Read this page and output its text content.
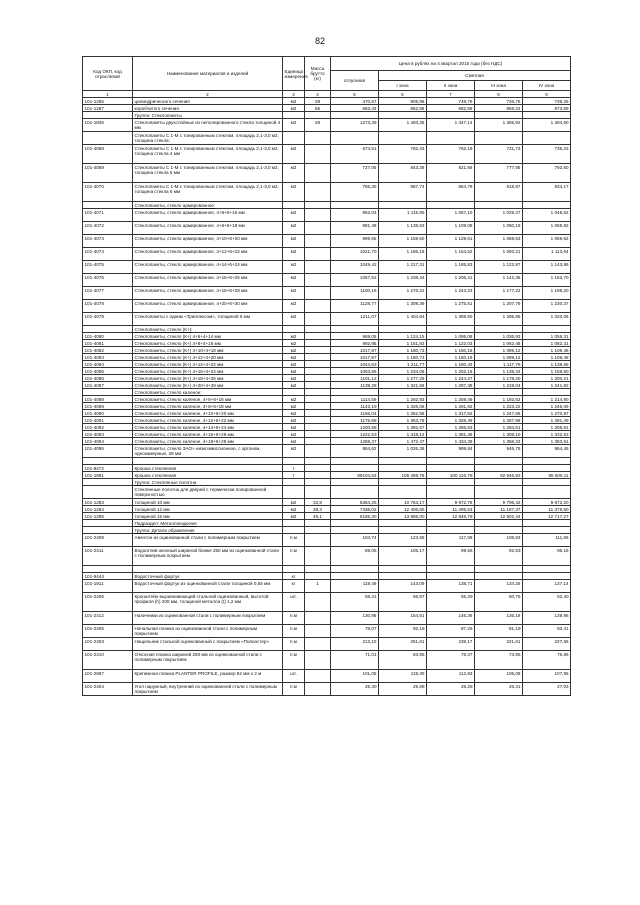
82
Код ОКП, код отраслевой	Наименование материалов и изделий	Единица измерения	Масса брутто (кг)	Цена в рублях на 4 квартал 2015 года (без НДС)				
				отпускная	Сметная			
					I зона	II зона	III зона	IV зона
1	2	3	4	5	6	7	8	9
101-1286	цилиндрического сечения	м2	28	470,57	805,96	748,79	726,75	739,25
101-1287	коробчатого сечения	м2	55	583,43	852,86	682,89	859,22	873,69
	Группа: Стеклопакеты							
101-1836	Стеклопакеты двухслойные из неполированного стекла толщиной 4 мм	м2	28	1273,39	1 493,36	1 447,14	1 365,92	1 394,60
	Стеклопакеты С 1-М с тонированным стеклом, площадь 2,1-3,0 м2, толщина стекла:							
101-4068	Стеклопакеты С 1-М с тонированным стеклом, площадь 2,1-3,0 м2, толщина стекла 4 мм	м2		674,51	782,43	762,19	721,73	735,23
101-4069	Стеклопакеты С 1-М с тонированным стеклом, площадь 2,1-3,0 м2, толщина стекла 5 мм	м2		727,05	843,38	821,56	777,95	792,50
101-4070	Стеклопакеты С 1-М с тонированным стеклом, площадь 2,1-3,0 м2, толщина стекла 6 мм	м2		765,30	887,74	864,79	818,87	834,17
	Стеклопакеты, стекло армированное:							
101-4071	Стеклопакеты, стекло армированное, 4+6+6+16 мм	м2		962,03	1 115,95	1 087,10	1 029,37	1 048,62
101-4072	Стеклопакеты, стекло армированное, 4+6+6+18 мм	м2		981,49	1 138,53	1 109,08	1 050,19	1 069,82
101-4073	Стеклопакеты, стекло армированное, 4+10+6+20 мм	м2		999,65	1 159,60	1 129,61	1 069,63	1 089,62
101-4074	Стеклопакеты, стекло армированное, 4+12+6+22 мм	м2		1021,70	1 185,18	1 154,52	1 093,21	1 113,64
101-4075	Стеклопакеты, стекло армированное, 4+14+6+24 мм	м2		1049,42	1 217,31	1 185,83	1 122,87	1 143,86
101-4076	Стеклопакеты, стекло армированное, 4+16+6+26 мм	м2		1067,52	1 238,44	1 206,41	1 142,35	1 163,70
101-4077	Стеклопакеты, стекло армированное, 4+18+6+28 мм	м2		1100,16	1 276,22	1 243,23	1 177,22	1 199,20
101-4078	Стеклопакеты, стекло армированное, 4+20+6+30 мм	м2		1128,77	1 309,39	1 275,51	1 207,79	1 230,37
101-4079	Стеклопакеты с одним «Триплексом», толщиной 6 мм	м2		1211,07	1 404,84	1 368,50	1 295,85	1 320,06
	Стеклопакеты, стекло (К+):							
101-4080	Стеклопакеты, стекло (К+) 4+6+4+14 мм	м2		969,05	1 124,15	1 095,08	1 036,93	1 056,31
101-4081	Стеклопакеты, стекло (К+) 4+8+4+16 мм	м2		992,95	1 151,83	1 122,03	1 062,45	1 082,31
101-4082	Стеклопакеты, стекло (К+) 4+10+4+18 мм	м2		1017,87	1 180,73	1 150,19	1 089,12	1 109,48
101-4083	Стеклопакеты, стекло (К+) 4+12+4+20 мм	м2		1017,87	1 180,73	1 150,19	1 089,12	1 109,48
101-4084	Стеклопакеты, стекло (К+) 4+14+4+22 мм	м2		1044,63	1 211,77	1 180,43	1 117,76	1 138,65
101-4085	Стеклопакеты, стекло (К+) 4+16+4+24 мм	м2		1063,85	1 234,06	1 202,16	1 138,34	1 159,60
101-4086	Стеклопакеты, стекло (К+) 4+18+4+26 мм	м2		1101,12	1 277,29	1 244,27	1 178,20	1 200,21
101-4087	Стеклопакеты, стекло (К+) 4+20+4+28 мм	м2		1139,28	1 321,56	1 287,38	1 219,04	1 241,82
	Стеклопакеты, стекло каленое:							
101-4088	Стеклопакеты, стекло каленое, 4+6+6+16 мм	м2		1114,59	1 292,93	1 259,49	1 192,62	1 214,90
101-4089	Стеклопакеты, стекло каленое, 4+8+6+18 мм	м2		1143,19	1 326,06	1 291,82	1 223,22	1 246,09
101-4090	Стеклопакеты, стекло каленое, 4+10+6+20 мм	м2		1166,04	1 352,58	1 317,62	1 247,66	1 270,97
101-4091	Стеклопакеты, стекло каленое, 4+12+6+22 мм	м2		1175,68	1 363,78	1 328,49	1 257,98	1 281,49
101-4092	Стеклопакеты, стекло каленое, 4+14+6+24 мм	м2		1200,58	1 392,67	1 356,63	1 284,61	1 308,61
101-4093	Стеклопакеты, стекло каленое, 4+16+6+26 мм	м2		1222,53	1 418,12	1 381,45	1 308,10	1 332,53
101-4094	Стеклопакеты, стекло каленое, 4+18+6+28 мм	м2		1269,37	1 472,47	1 434,39	1 358,23	1 383,61
101-4095	Стеклопакеты, стекло ЗАО» низкоэмиссионное, с аргоном, однокамерные, 28 мм	м2		864,62	1 026,38	999,84	946,75	964,45

101-9472	Крошка стеклянная	т						
101-1881	Крошка стеклянная	т		89104,53	105 459,76	100 116,78	92 946,92	95 605,11
	Группа: Стеклянные полотна							
	Стеклянные полотна для дверей с термически полированной поверхностью							
101-1283	толщиной 10 мм	м2	32,8	6364,25	10 763,17	9 972,75	9 706,42	9 872,20
101-1284	толщиной 12 мм	м2	39,3	7336,02	12 406,65	11 495,53	11 187,37	11 379,50
101-1285	толщиной 15 мм	м2	49,1	8165,30	13 865,00	12 846,78	12 502,44	12 717,27
	Подраздел: Металлоизделия							
	Группа: Детали обрамления							
101-2409	Авентон из оцинкованной стали с полимерным покрытием	п.м		104,74	123,65	117,08	108,93	111,66
101-2411	Водоотлив оконный шириной ближе 250 мм из оцинкованной стали с полимерным покрытием	п.м		89,05	105,17	99,56	92,63	95,18

101-9444	Водосточный фартук	кг						
101-1911	Водосточный фартук из оцинкованной стали толщиной 0,55 мм	кг	1	119,49	143,09	138,71	134,25	137,14
101-2406	Кронштейн выравнивающий стальной оцинкованный, высотой профиля (h) 200 мм, толщиной металла (t) 1,2 мм	шт.		58,41	66,97	65,29	60,75	62,40
101-2412	Наличники из оцинкованной стали с полимерным покрытием	п.м		130,95	154,61	146,36	136,18	139,96
101-2405	Начальная планка из оцинкованной стали с полимерным покрытием	п.м		78,07	92,18	87,26	81,19	83,41
101-2403	Нащельник стальной оцинкованный с покрытием «Полиэстер»	п.м		213,10	251,61	238,17	221,61	227,66
101-2410	Откосная планка шириной 250 мм из оцинкованной стали с полимерным покрытием	п.м		71,01	83,85	79,37	73,85	75,86
101-2997	Крепежная планка PLANTER PROFILE, размер 82 мм х 2 м	шт.		101,05	119,30	112,93	105,08	107,95
101-2404	Угол наружный, внутренний из оцинкованной стали с полимерным покрытием	п.м		25,30	29,88	28,28	26,31	27,03
